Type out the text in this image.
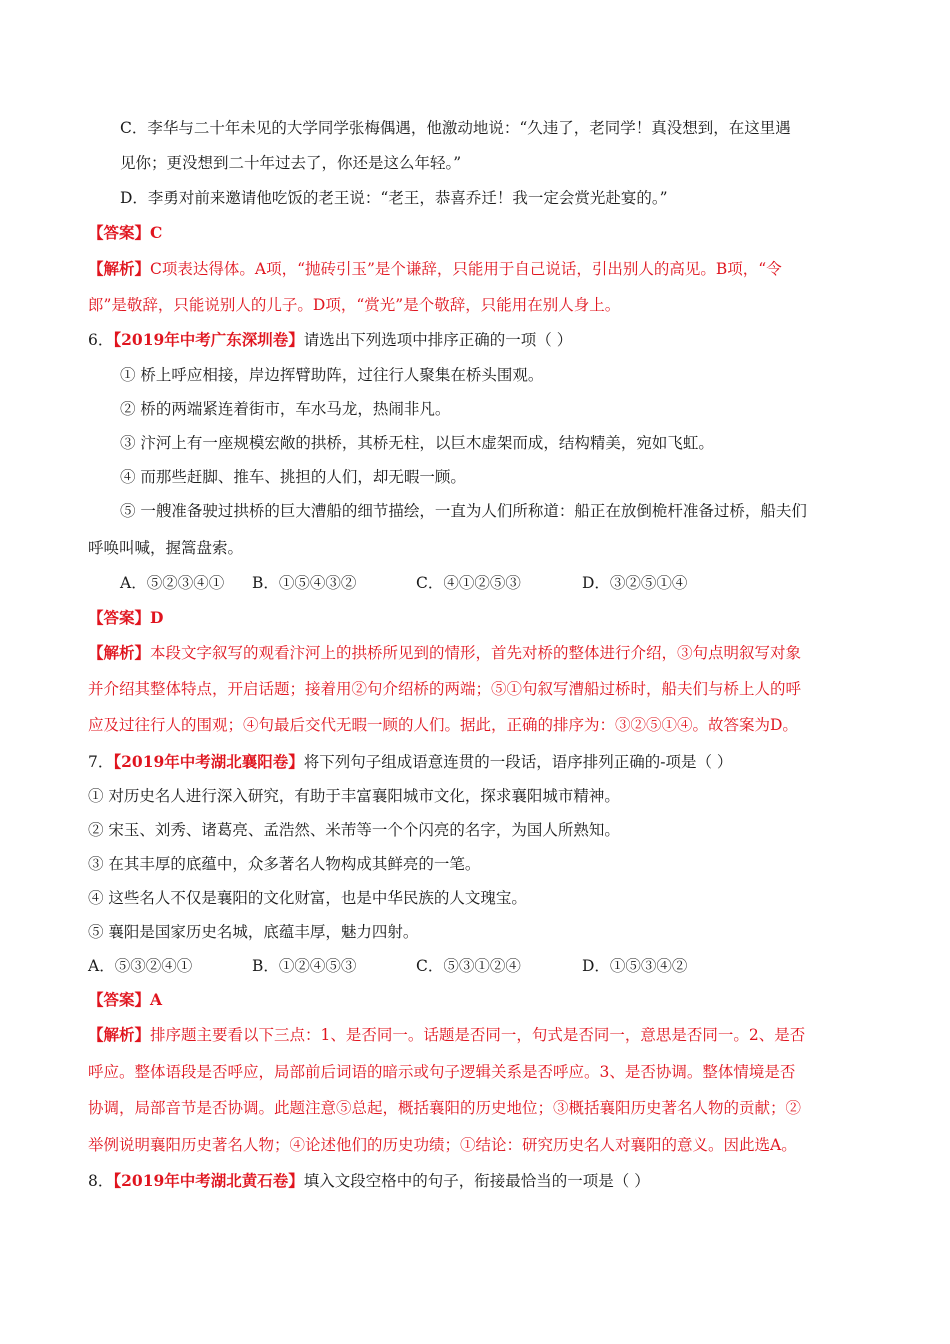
C．李华与二十年未见的大学同学张梅偶遇，他激动地说：“久违了，老同学！真没想到，在这里遇
见你；更没想到二十年过去了，你还是这么年轻。”
D．李勇对前来邀请他吃饭的老王说：“老王，恭喜乔迁！我一定会赏光赴宴的。”
【答案】C
【解析】C项表达得体。A项，“抛砖引玉”是个谦辞，只能用于自己说话，引出别人的高见。B项，“令
郎”是敬辞，只能说别人的儿子。D项，“赏光”是个敬辞，只能用在别人身上。
6．【2019年中考广东深圳卷】请选出下列选项中排序正确的一项（ ）
① 桥上呼应相接，岸边挥臂助阵，过往行人聚集在桥头围观。
② 桥的两端紧连着街市，车水马龙，热闹非凡。
③ 汴河上有一座规模宏敞的拱桥，其桥无柱，以巨木虚架而成，结构精美，宛如飞虹。
④ 而那些赶脚、推车、挑担的人们，却无暇一顾。
⑤ 一艘准备驶过拱桥的巨大漕船的细节描绘，一直为人们所称道：船正在放倒桅杆准备过桥，船夫们
呼唤叫喊，握篙盘索。
A．⑤②③④① B．①⑤④③②	C．④①②⑤③	D．③②⑤①④
【答案】D
【解析】本段文字叙写的观看汴河上的拱桥所见到的情形，首先对桥的整体进行介绍，③句点明叙写对象
并介绍其整体特点，开启话题；接着用②句介绍桥的两端；⑤①句叙写漕船过桥时，船夫们与桥上人的呼
应及过往行人的围观；④句最后交代无暇一顾的人们。据此，正确的排序为：③②⑤①④。故答案为D。
7．【2019年中考湖北襄阳卷】将下列句子组成语意连贯的一段话，语序排列正确的-项是（ ）
① 对历史名人进行深入研究，有助于丰富襄阳城市文化，探求襄阳城市精神。
② 宋玉、刘秀、诸葛亮、孟浩然、米芾等一个个闪亮的名字，为国人所熟知。
③ 在其丰厚的底蕴中，众多著名人物构成其鲜亮的一笔。
④ 这些名人不仅是襄阳的文化财富，也是中华民族的人文瑰宝。
⑤ 襄阳是国家历史名城，底蕴丰厚，魅力四射。
A．⑤③②④①	B．①②④⑤③	C．⑤③①②④	D．①⑤③④②
【答案】A
【解析】排序题主要看以下三点：1、是否同一。话题是否同一，句式是否同一，意思是否同一。2、是否
呼应。整体语段是否呼应，局部前后词语的暗示或句子逻辑关系是否呼应。3、是否协调。整体情境是否
协调，局部音节是否协调。此题注意⑤总起，概括襄阳的历史地位；③概括襄阳历史著名人物的贡献；②
举例说明襄阳历史著名人物；④论述他们的历史功绩；①结论：研究历史名人对襄阳的意义。因此选A。
8．【2019年中考湖北黄石卷】填入文段空格中的句子，衔接最恰当的一项是（ ）
